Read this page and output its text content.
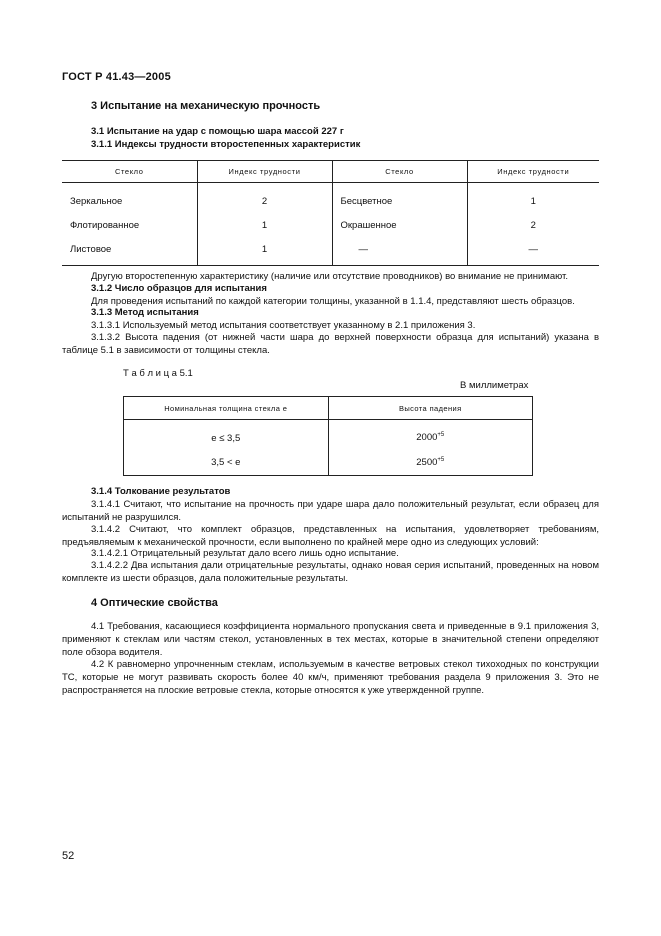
ГОСТ Р 41.43—2005
3 Испытание на механическую прочность
3.1 Испытание на удар с помощью шара массой 227 г
3.1.1 Индексы трудности второстепенных характеристик
Стекло	Индекс трудности	Стекло	Индекс трудности
Зеркальное	2	Бесцветное	1
Флотированное	1	Окрашенное	2
Листовое	1	—	—
Другую второстепенную характеристику (наличие или отсутствие проводников) во внимание не принимают.
3.1.2 Число образцов для испытания
Для проведения испытаний по каждой категории толщины, указанной в 1.1.4, представляют шесть образцов.
3.1.3 Метод испытания
3.1.3.1 Используемый метод испытания соответствует указанному в 2.1 приложения 3.
3.1.3.2 Высота падения (от нижней части шара до верхней поверхности образца для испытаний) указана в таблице 5.1 в зависимости от толщины стекла.
Т а б л и ц а 5.1
В миллиметрах
Номинальная толщина стекла e	Высота падения
e ≤ 3,5	$2000^{+5}$
3,5 < e	$2500^{+5}$
3.1.4 Толкование результатов
3.1.4.1 Считают, что испытание на прочность при ударе шара дало положительный результат, если образец для испытаний не разрушился.
3.1.4.2 Считают, что комплект образцов, представленных на испытания, удовлетворяет требованиям, предъявляемым к механической прочности, если выполнено по крайней мере одно из следующих условий:
3.1.4.2.1 Отрицательный результат дало всего лишь одно испытание.
3.1.4.2.2 Два испытания дали отрицательные результаты, однако новая серия испытаний, проведенных на новом комплекте из шести образцов, дала положительные результаты.
4 Оптические свойства
4.1 Требования, касающиеся коэффициента нормального пропускания света и приведенные в 9.1 приложения 3, применяют к стеклам или частям стекол, установленных в тех местах, которые в значительной степени определяют поле обзора водителя.
4.2 К равномерно упрочненным стеклам, используемым в качестве ветровых стекол тихоходных по конструкции ТС, которые не могут развивать скорость более 40 км/ч, применяют требования раздела 9 приложения 3. Это не распространяется на плоские ветровые стекла, которые относятся к уже утвержденной группе.
52
